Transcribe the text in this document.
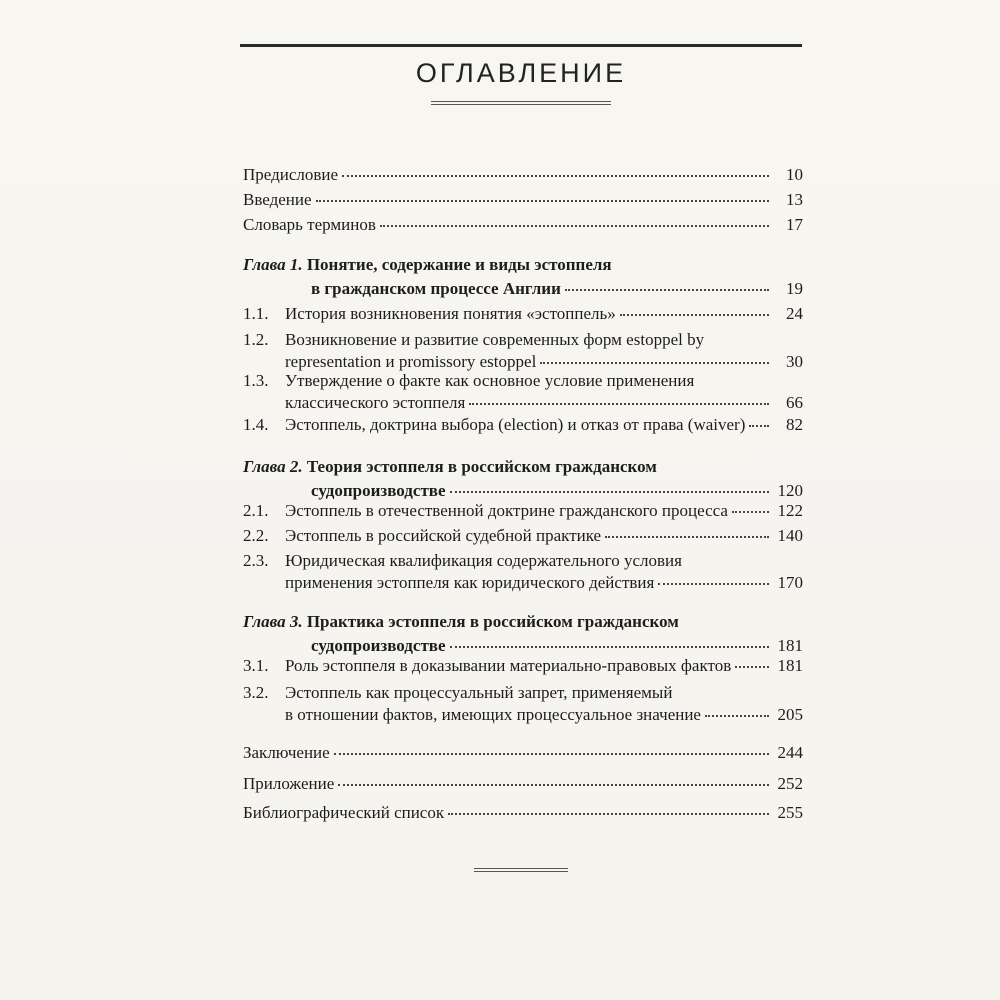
ОГЛАВЛЕНИЕ
Предисловие	10
Введение	13
Словарь терминов	17
Глава 1.
Понятие, содержание и виды эстоппеля
в гражданском процессе Англии	19
1.1. История возникновения понятия «эстоппель»	24
1.2. Возникновение и развитие современных форм estoppel by
representation и promissory estoppel	30
1.3. Утверждение о факте как основное условие применения
классического эстоппеля	66
1.4. Эстоппель, доктрина выбора (election) и отказ от права (waiver)	82
Глава 2.
Теория эстоппеля в российском гражданском
судопроизводстве	120
2.1. Эстоппель в отечественной доктрине гражданского процесса	122
2.2. Эстоппель в российской судебной практике	140
2.3. Юридическая квалификация содержательного условия
применения эстоппеля как юридического действия	170
Глава 3.
Практика эстоппеля в российском гражданском
судопроизводстве	181
3.1. Роль эстоппеля в доказывании материально-правовых фактов	181
3.2. Эстоппель как процессуальный запрет, применяемый
в отношении фактов, имеющих процессуальное значение	205
Заключение	244
Приложение	252
Библиографический список	255
